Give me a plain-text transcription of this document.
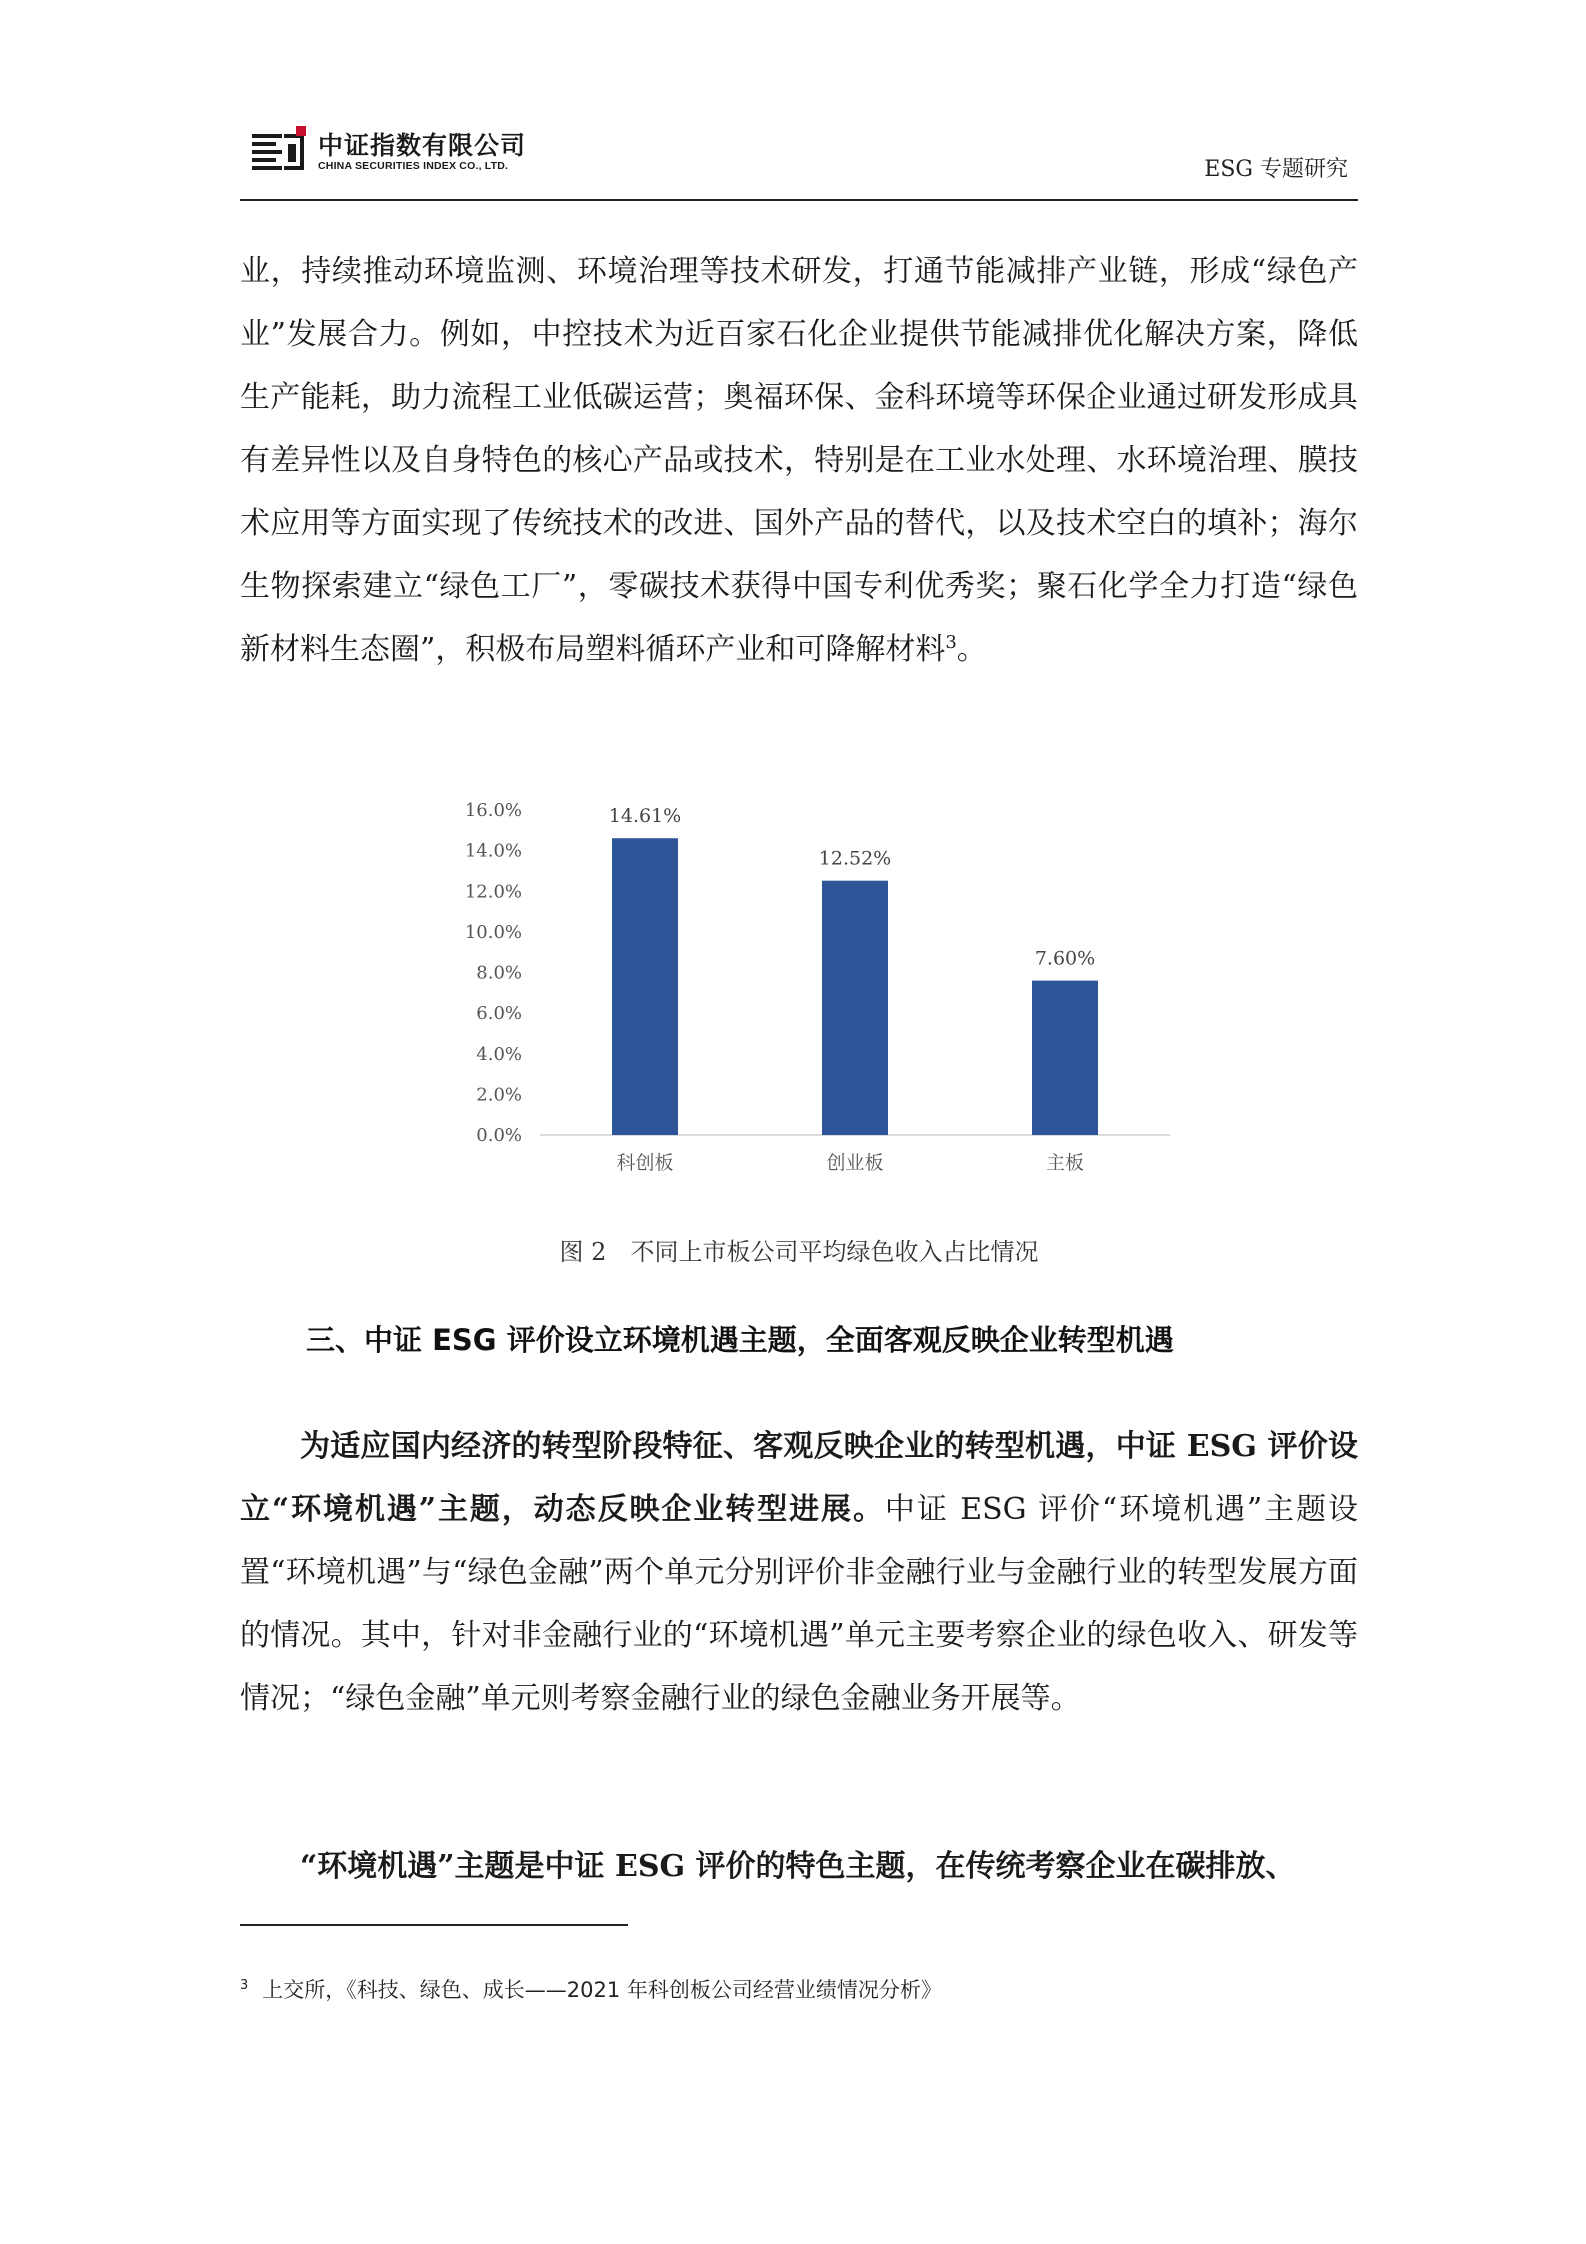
中证指数有限公司
CHINA SECURITIES INDEX CO., LTD.	ESG 专题研究
业，持续推动环境监测、环境治理等技术研发，打通节能减排产业链，形成“绿色产业”发展合力。例如，中控技术为近百家石化企业提供节能减排优化解决方案，降低生产能耗，助力流程工业低碳运营；奥福环保、金科环境等环保企业通过研发形成具有差异性以及自身特色的核心产品或技术，特别是在工业水处理、水环境治理、膜技术应用等方面实现了传统技术的改进、国外产品的替代，以及技术空白的填补；海尔生物探索建立“绿色工厂”，零碳技术获得中国专利优秀奖；聚石化学全力打造“绿色新材料生态圈”，积极布局塑料循环产业和可降解材料$^3$。
0.0%
2.0%
4.0%
6.0%
8.0%
10.0%
12.0%
14.0%
16.0%	14.61%
科创板
12.52%
创业板
7.60%
主板
图 2　不同上市板公司平均绿色收入占比情况
三、中证 ESG 评价设立环境机遇主题，全面客观反映企业转型机遇
为适应国内经济的转型阶段特征、客观反映企业的转型机遇，中证 ESG 评价设立“环境机遇”主题，动态反映企业转型进展。中证 ESG 评价“环境机遇”主题设置“环境机遇”与“绿色金融”两个单元分别评价非金融行业与金融行业的转型发展方面的情况。其中，针对非金融行业的“环境机遇”单元主要考察企业的绿色收入、研发等情况；“绿色金融”单元则考察金融行业的绿色金融业务开展等。
“环境机遇”主题是中证 ESG 评价的特色主题，在传统考察企业在碳排放、
$^3$ 上交所，《科技、绿色、成长——2021 年科创板公司经营业绩情况分析》
